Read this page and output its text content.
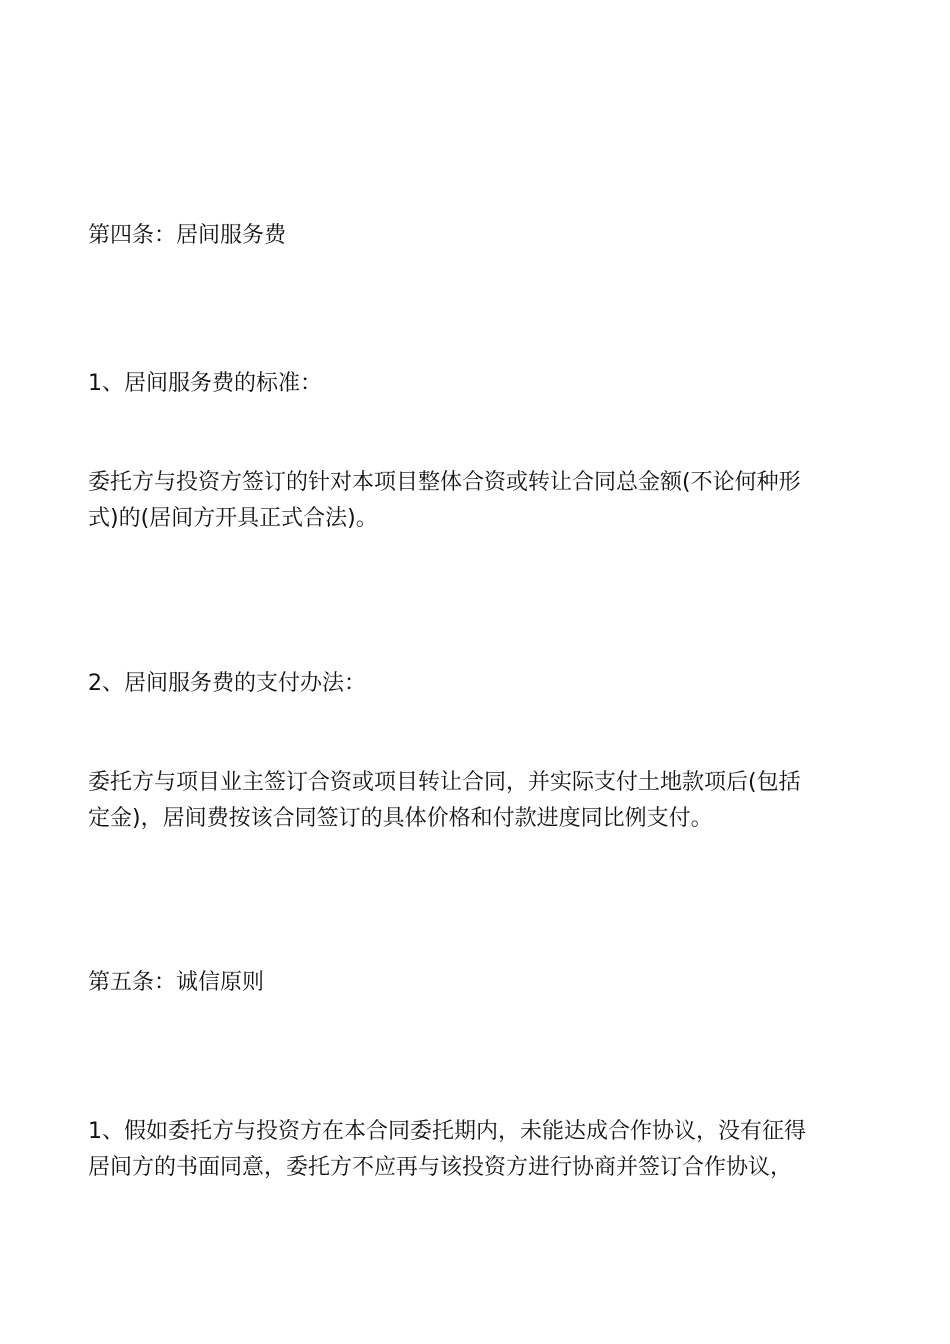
第四条：居间服务费

1、居间服务费的标准：

委托方与投资方签订的针对本项目整体合资或转让合同总金额(不论何种形
式)的(居间方开具正式合法)。

2、居间服务费的支付办法：

委托方与项目业主签订合资或项目转让合同，并实际支付土地款项后(包括
定金)，居间费按该合同签订的具体价格和付款进度同比例支付。

第五条：诚信原则

1、假如委托方与投资方在本合同委托期内，未能达成合作协议，没有征得
居间方的书面同意，委托方不应再与该投资方进行协商并签订合作协议，
